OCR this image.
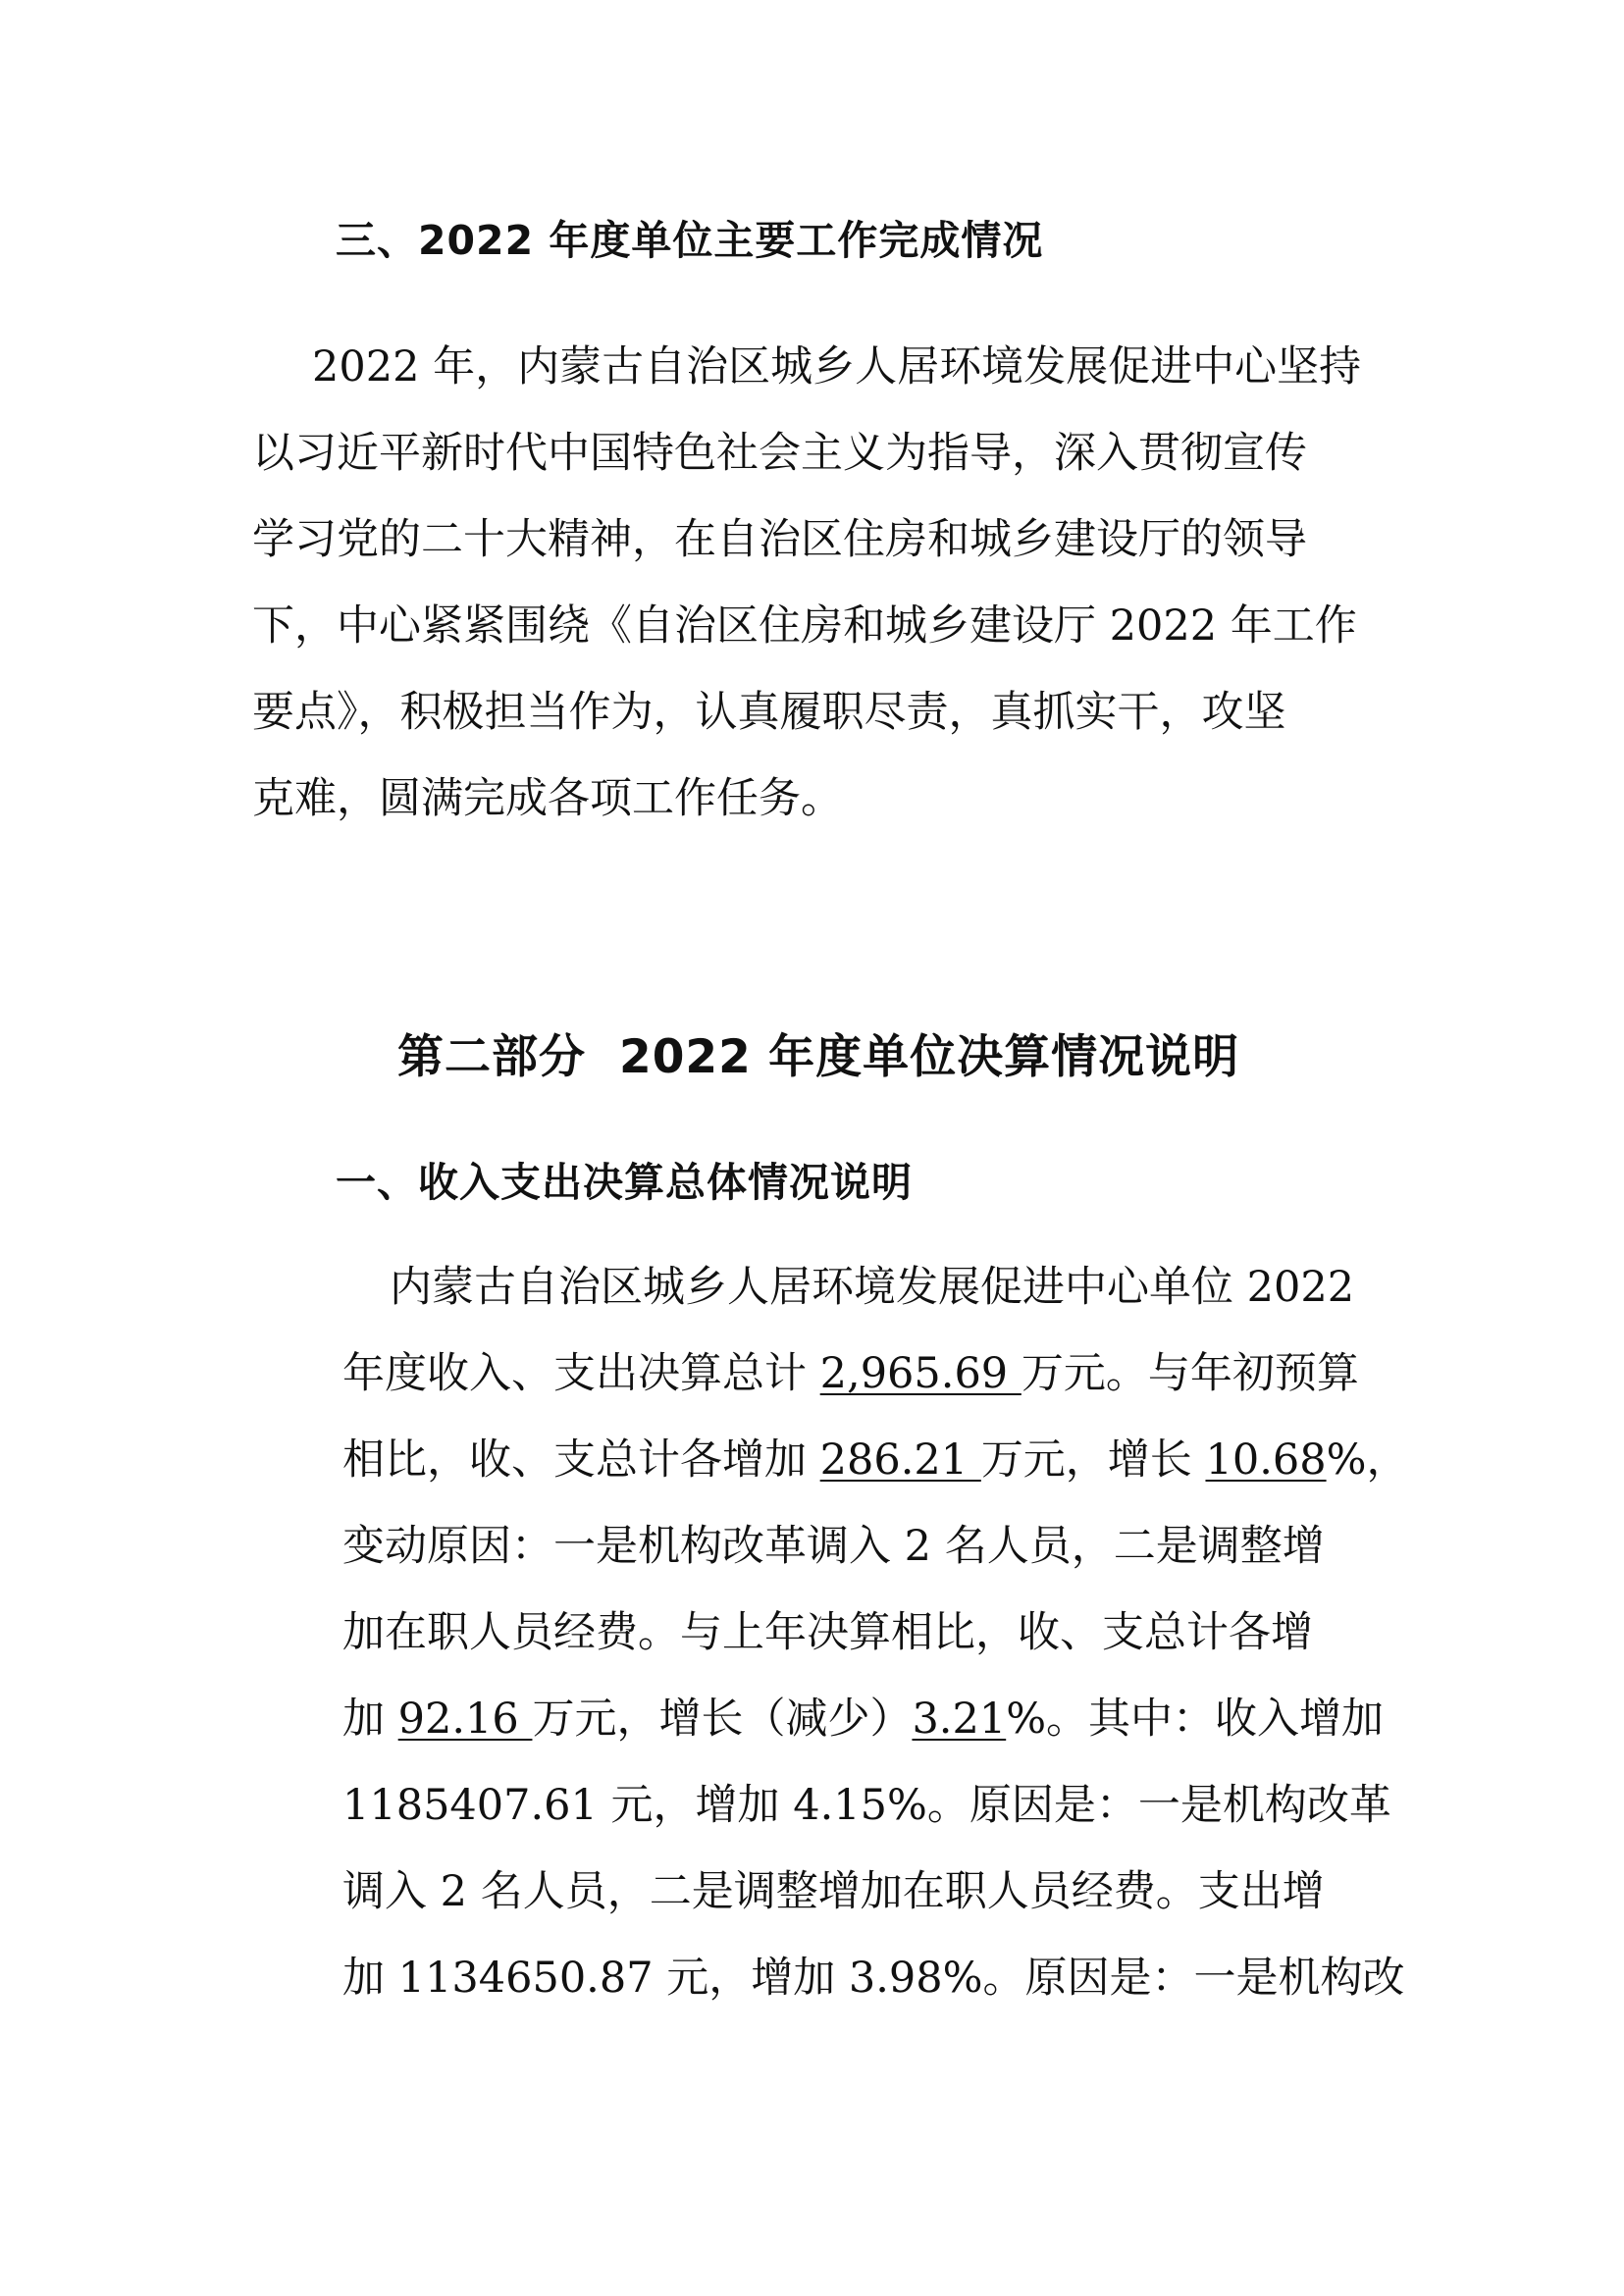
三、2022 年度单位主要工作完成情况
2022 年，内蒙古自治区城乡人居环境发展促进中心坚持
以习近平新时代中国特色社会主义为指导，深入贯彻宣传
学习党的二十大精神，在自治区住房和城乡建设厅的领导
下，中心紧紧围绕《自治区住房和城乡建设厅 2022 年工作
要点》，积极担当作为，认真履职尽责，真抓实干，攻坚
克难，圆满完成各项工作任务。
第二部分 2022 年度单位决算情况说明
一、收入支出决算总体情况说明
内蒙古自治区城乡人居环境发展促进中心单位 2022
年度收入、支出决算总计 2,965.69 万元。与年初预算
相比，收、支总计各增加 286.21 万元，增长 10.68%，
变动原因：一是机构改革调入 2 名人员，二是调整增
加在职人员经费。与上年决算相比，收、支总计各增
加 92.16 万元，增长（减少）3.21%。其中：收入增加
1185407.61 元，增加 4.15%。原因是：一是机构改革
调入 2 名人员，二是调整增加在职人员经费。支出增
加 1134650.87 元，增加 3.98%。原因是：一是机构改
